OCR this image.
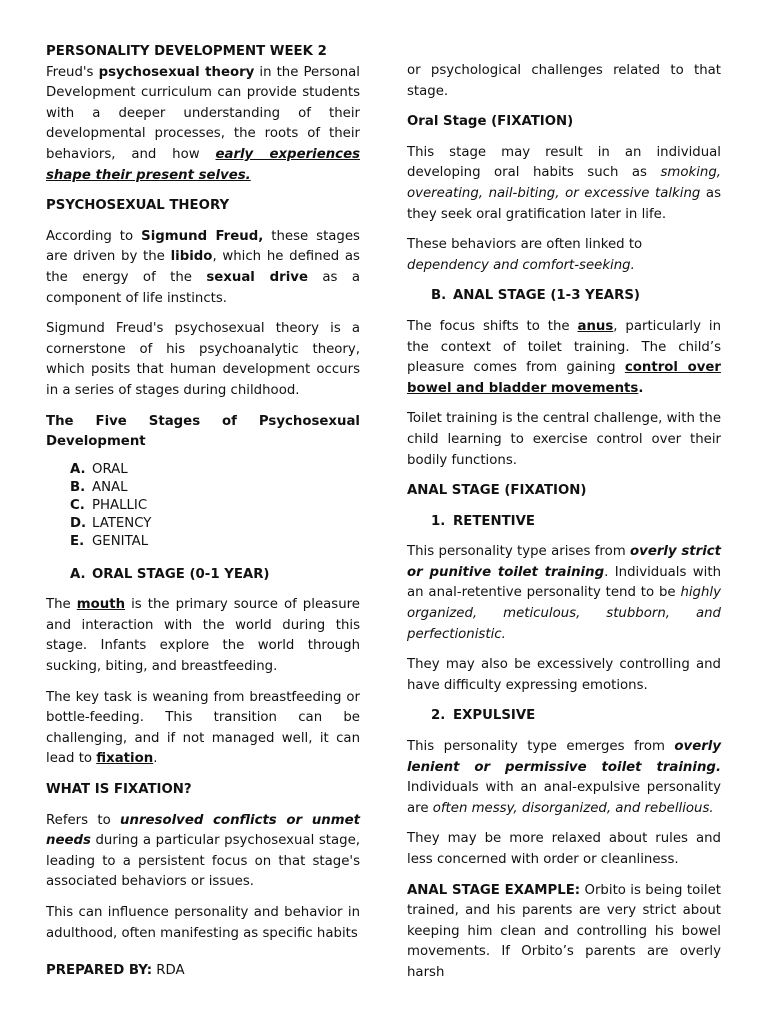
PERSONALITY DEVELOPMENT WEEK 2

Freud's psychosexual theory in the Personal Development curriculum can provide students with a deeper understanding of their developmental processes, the roots of their behaviors, and how early experiences shape their present selves.

PSYCHOSEXUAL THEORY

According to Sigmund Freud, these stages are driven by the libido, which he defined as the energy of the sexual drive as a component of life instincts.

Sigmund Freud's psychosexual theory is a cornerstone of his psychoanalytic theory, which posits that human development occurs in a series of stages during childhood.

The Five Stages of Psychosexual Development
A. ORAL
B. ANAL
C. PHALLIC
D. LATENCY
E. GENITAL
A. ORAL STAGE (0-1 YEAR)

The mouth is the primary source of pleasure and interaction with the world during this stage. Infants explore the world through sucking, biting, and breastfeeding.

The key task is weaning from breastfeeding or bottle-feeding. This transition can be challenging, and if not managed well, it can lead to fixation.

WHAT IS FIXATION?

Refers to unresolved conflicts or unmet needs during a particular psychosexual stage, leading to a persistent focus on that stage's associated behaviors or issues.

This can influence personality and behavior in adulthood, often manifesting as specific habits

or psychological challenges related to that stage.

Oral Stage (FIXATION)

This stage may result in an individual developing oral habits such as smoking, overeating, nail-biting, or excessive talking as they seek oral gratification later in life.

These behaviors are often linked to dependency and comfort-seeking.

B. ANAL STAGE (1-3 YEARS)

The focus shifts to the anus, particularly in the context of toilet training. The child’s pleasure comes from gaining control over bowel and bladder movements.

Toilet training is the central challenge, with the child learning to exercise control over their bodily functions.

ANAL STAGE (FIXATION)
1. RETENTIVE

This personality type arises from overly strict or punitive toilet training. Individuals with an anal-retentive personality tend to be highly organized, meticulous, stubborn, and perfectionistic.

They may also be excessively controlling and have difficulty expressing emotions.

2. EXPULSIVE

This personality type emerges from overly lenient or permissive toilet training. Individuals with an anal-expulsive personality are often messy, disorganized, and rebellious.

They may be more relaxed about rules and less concerned with order or cleanliness.

ANAL STAGE EXAMPLE: Orbito is being toilet trained, and his parents are very strict about keeping him clean and controlling his bowel movements. If Orbito’s parents are overly harsh

PREPARED BY: RDA
